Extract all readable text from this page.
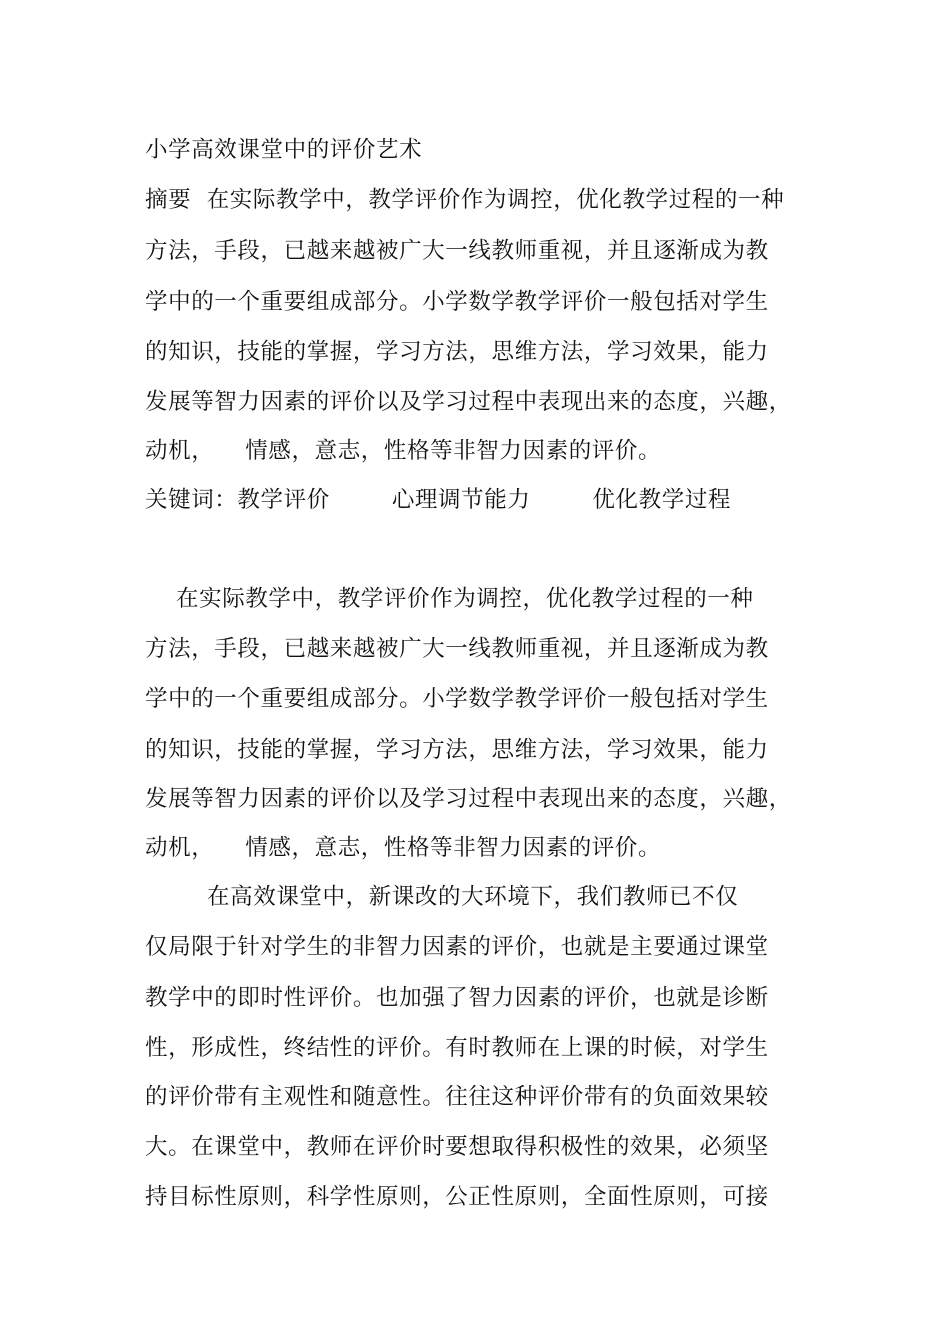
小学高效课堂中的评价艺术
摘要  在实际教学中，教学评价作为调控，优化教学过程的一种
方法，手段，已越来越被广大一线教师重视，并且逐渐成为教
学中的一个重要组成部分。小学数学教学评价一般包括对学生
的知识，技能的掌握，学习方法，思维方法，学习效果，能力
发展等智力因素的评价以及学习过程中表现出来的态度，兴趣，
动机，    情感，意志，性格等非智力因素的评价。
关键词：教学评价        心理调节能力        优化教学过程
在实际教学中，教学评价作为调控，优化教学过程的一种
方法，手段，已越来越被广大一线教师重视，并且逐渐成为教
学中的一个重要组成部分。小学数学教学评价一般包括对学生
的知识，技能的掌握，学习方法，思维方法，学习效果，能力
发展等智力因素的评价以及学习过程中表现出来的态度，兴趣，
动机，    情感，意志，性格等非智力因素的评价。
在高效课堂中，新课改的大环境下，我们教师已不仅
仅局限于针对学生的非智力因素的评价，也就是主要通过课堂
教学中的即时性评价。也加强了智力因素的评价，也就是诊断
性，形成性，终结性的评价。有时教师在上课的时候，对学生
的评价带有主观性和随意性。往往这种评价带有的负面效果较
大。在课堂中，教师在评价时要想取得积极性的效果，必须坚
持目标性原则，科学性原则，公正性原则，全面性原则，可接
